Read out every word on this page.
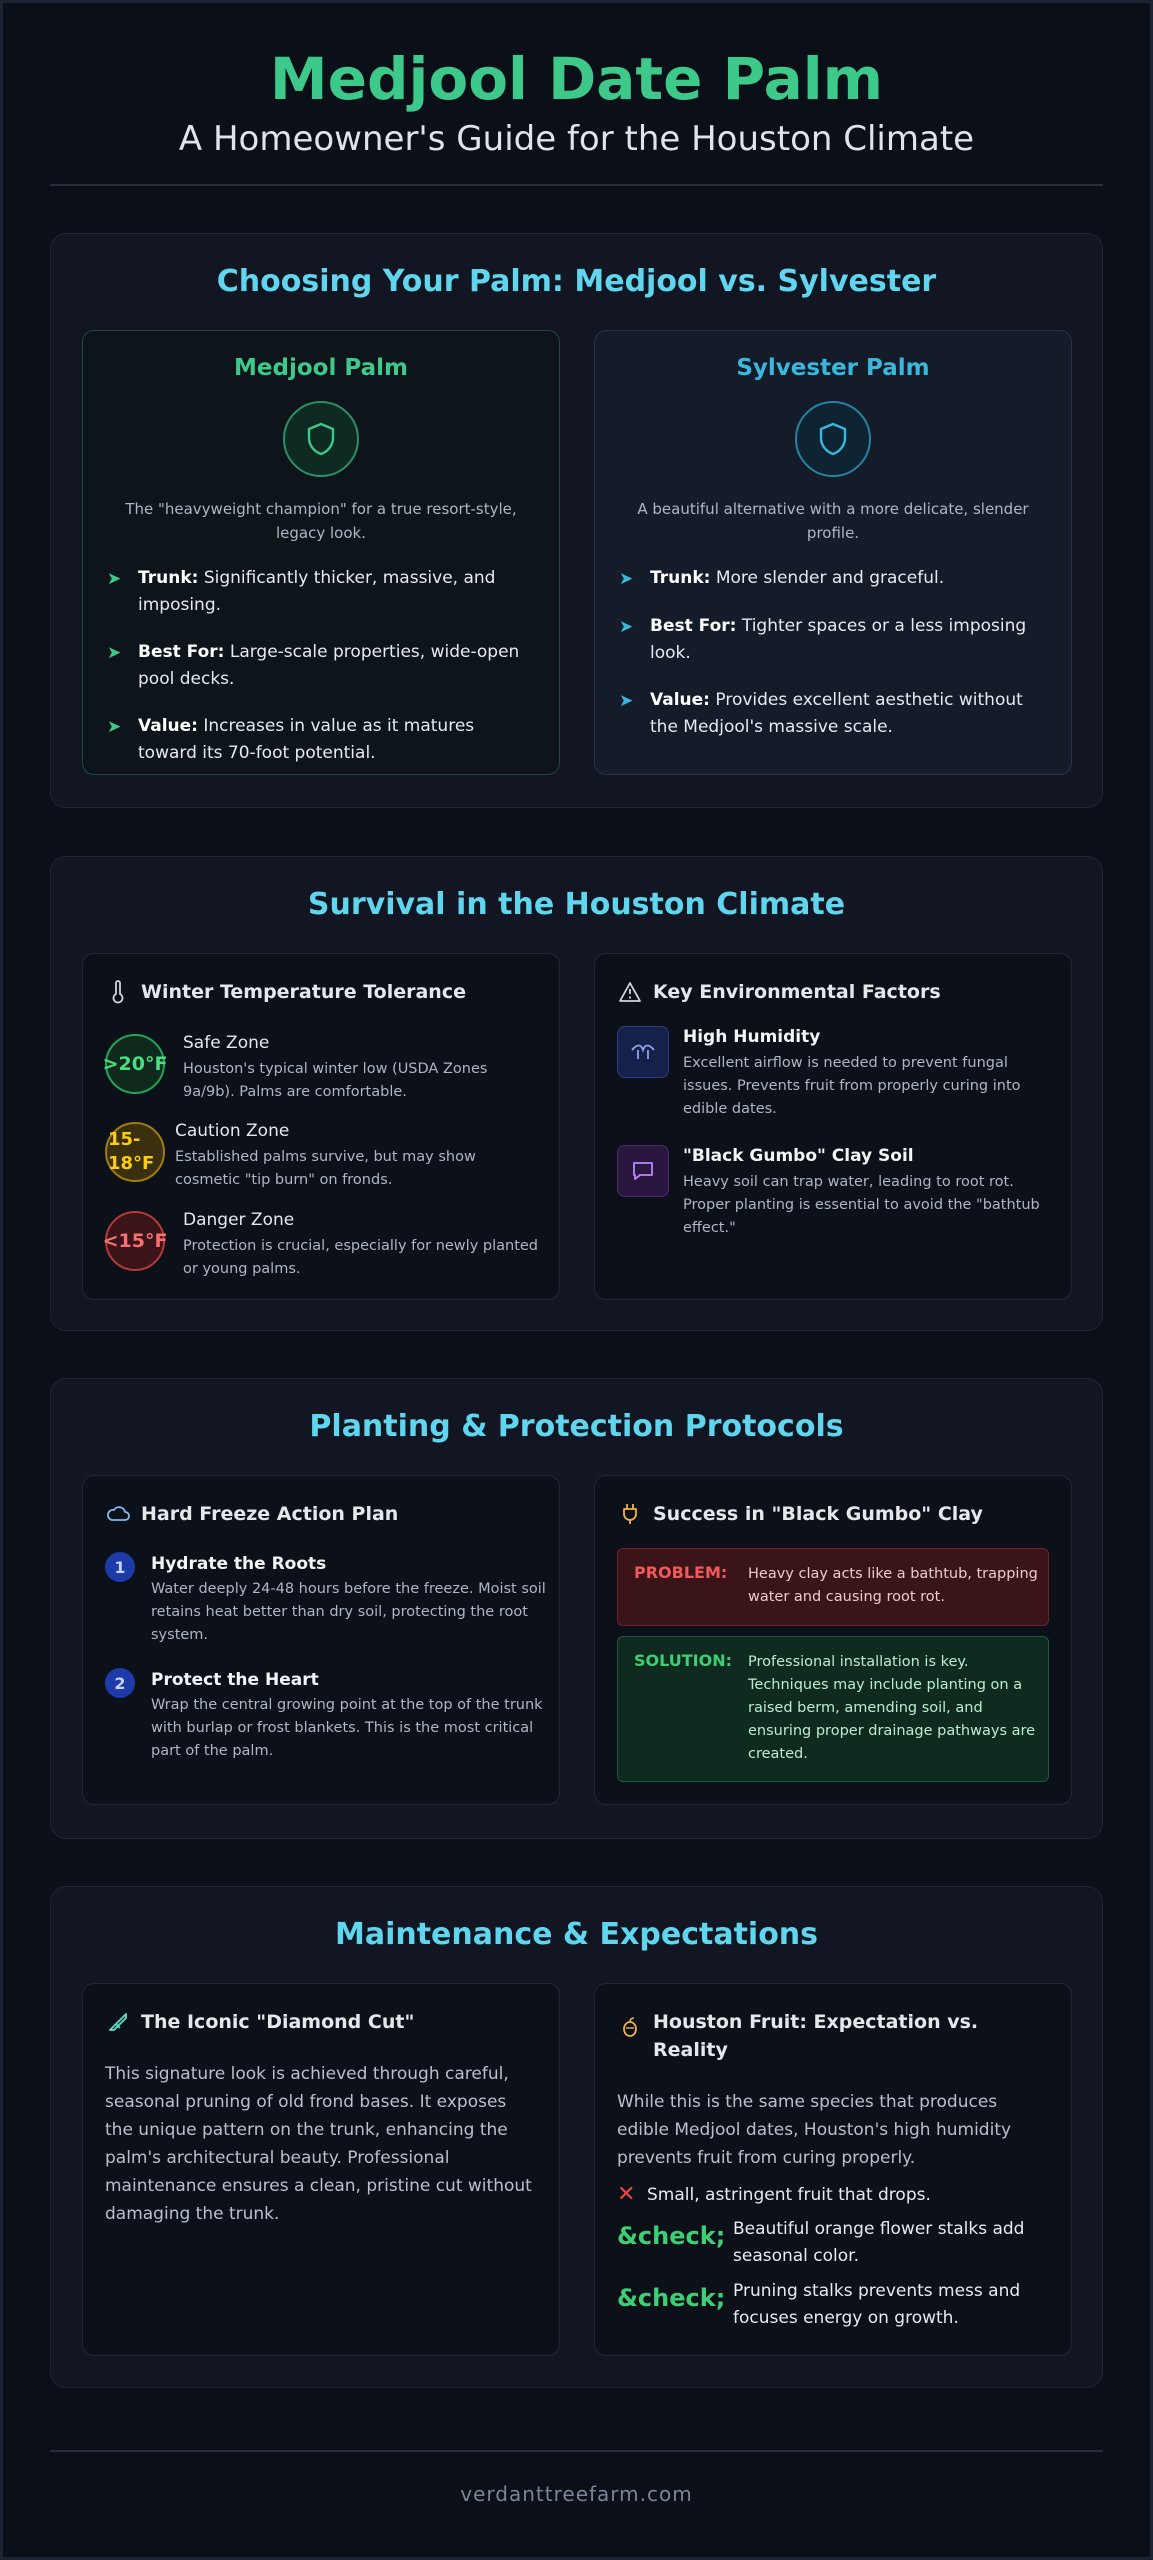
Medjool Date Palm
A Homeowner's Guide for the Houston Climate
Choosing Your Palm: Medjool vs. Sylvester
Medjool Palm
The "heavyweight champion" for a true resort-style, legacy look.
➤ Trunk: Significantly thicker, massive, and imposing.
➤ Best For: Large-scale properties, wide-open pool decks.
➤ Value: Increases in value as it matures toward its 70-foot potential.
Sylvester Palm
A beautiful alternative with a more delicate, slender profile.
➤ Trunk: More slender and graceful.
➤ Best For: Tighter spaces or a less imposing look.
➤ Value: Provides excellent aesthetic without the Medjool's massive scale.
Survival in the Houston Climate
Winter Temperature Tolerance
>20°F
Safe Zone
Houston's typical winter low (USDA Zones 9a/9b). Palms are comfortable.
15-18°F
Caution Zone
Established palms survive, but may show cosmetic "tip burn" on fronds.
<15°F
Danger Zone
Protection is crucial, especially for newly planted or young palms.
Key Environmental Factors
High Humidity
Excellent airflow is needed to prevent fungal issues. Prevents fruit from properly curing into edible dates.
"Black Gumbo" Clay Soil
Heavy soil can trap water, leading to root rot. Proper planting is essential to avoid the "bathtub effect."
Planting & Protection Protocols
Hard Freeze Action Plan
1	Hydrate the Roots
Water deeply 24-48 hours before the freeze. Moist soil retains heat better than dry soil, protecting the root system.
2	Protect the Heart
Wrap the central growing point at the top of the trunk with burlap or frost blankets. This is the most critical part of the palm.
Success in "Black Gumbo" Clay
PROBLEM: Heavy clay acts like a bathtub, trapping water and causing root rot.
SOLUTION: Professional installation is key. Techniques may include planting on a raised berm, amending soil, and ensuring proper drainage pathways are created.
Maintenance & Expectations
The Iconic "Diamond Cut"
This signature look is achieved through careful, seasonal pruning of old frond bases. It exposes the unique pattern on the trunk, enhancing the palm's architectural beauty. Professional maintenance ensures a clean, pristine cut without damaging the trunk.
Houston Fruit: Expectation vs. Reality
While this is the same species that produces edible Medjool dates, Houston's high humidity prevents fruit from curing properly.
✕ Small, astringent fruit that drops.
&check; Beautiful orange flower stalks add seasonal color.
&check; Pruning stalks prevents mess and focuses energy on growth.
verdanttreefarm.com
